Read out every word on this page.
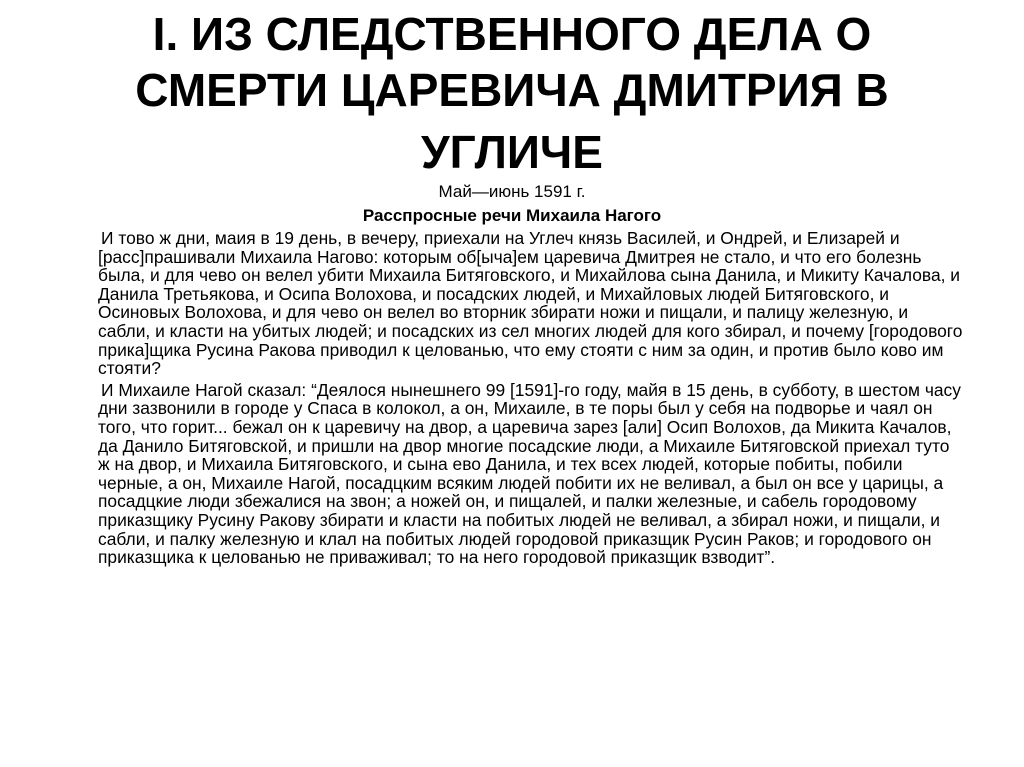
I. ИЗ СЛЕДСТВЕННОГО ДЕЛА О
СМЕРТИ ЦАРЕВИЧА ДМИТРИЯ В
УГЛИЧЕ
Май—июнь 1591 г.
Расспросные речи Михаила Нагого

И тово ж дни, маия в 19 день, в вечеру, приехали на Углеч князь Василей, и Ондрей, и Елизарей и [расс]прашивали Михаила Нагово: которым об[ыча]ем царевича Дмитрея не стало, и что его болезнь была, и для чево он велел убити Михаила Битяговского, и Михайлова сына Данила, и Микиту Качалова, и Данила Третьякова, и Осипа Волохова, и посадских людей, и Михайловых людей Битяговского, и Осиновых Волохова, и для чево он велел во вторник збирати ножи и пищали, и палицу железную, и сабли, и класти на убитых людей; и посадских из сел многих людей для кого збирал, и почему [городового прика]щика Русина Ракова приводил к целованью, что ему стояти с ним за один, и против было ково им стояти?

И Михаиле Нагой сказал: “Деялося нынешнего 99 [1591]-го году, майя в 15 день, в субботу, в шестом часу дни зазвонили в городе у Спаса в колокол, а он, Михаиле, в те поры был у себя на подворье и чаял он того, что горит... бежал он к царевичу на двор, а царевича зарез [али] Осип Волохов, да Микита Качалов, да Данило Битяговской, и пришли на двор многие посадские люди, а Михаиле Битяговской приехал туто ж на двор, и Михаила Битяговского, и сына ево Данила, и тех всех людей, которые побиты, побили черные, а он, Михаиле Нагой, посадцким всяким людей побити их не веливал, а был он все у царицы, а посадцкие люди збежалися на звон; а ножей он, и пищалей, и палки железные, и сабель городовому приказщику Русину Ракову збирати и класти на побитых людей не веливал, а збирал ножи, и пищали, и сабли, и палку железную и клал на побитых людей городовой приказщик Русин Раков; и городового он приказщика к целованью не приваживал; то на него городовой приказщик взводит”.
